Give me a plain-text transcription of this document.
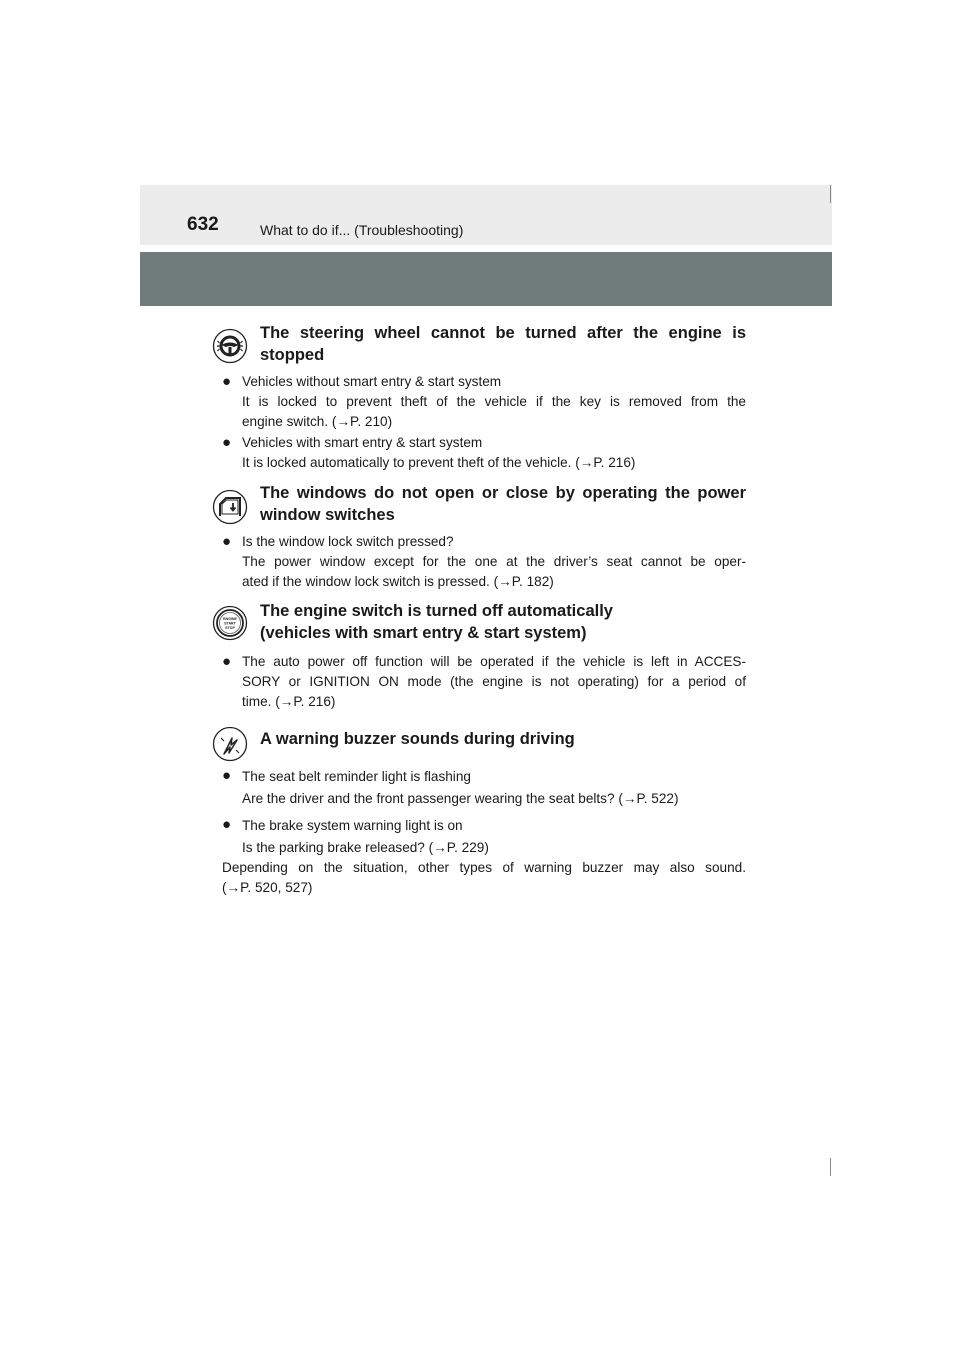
632	What to do if... (Troubleshooting)
The steering wheel cannot be turned after the engine is
stopped
● Vehicles without smart entry & start system
It is locked to prevent theft of the vehicle if the key is removed from the
engine switch. (→P. 210)
● Vehicles with smart entry & start system
It is locked automatically to prevent theft of the vehicle. (→P. 216)
The windows do not open or close by operating the power
window switches
● Is the window lock switch pressed?
The power window except for the one at the driver’s seat cannot be oper-
ated if the window lock switch is pressed. (→P. 182)
ENGINE
START
STOP
The engine switch is turned off automatically
(vehicles with smart entry & start system)
● The auto power off function will be operated if the vehicle is left in ACCES-
SORY or IGNITION ON mode (the engine is not operating) for a period of
time. (→P. 216)
A warning buzzer sounds during driving
● The seat belt reminder light is flashing
Are the driver and the front passenger wearing the seat belts? (→P. 522)
● The brake system warning light is on
Is the parking brake released? (→P. 229)
Depending on the situation, other types of warning buzzer may also sound.
(→P. 520, 527)
